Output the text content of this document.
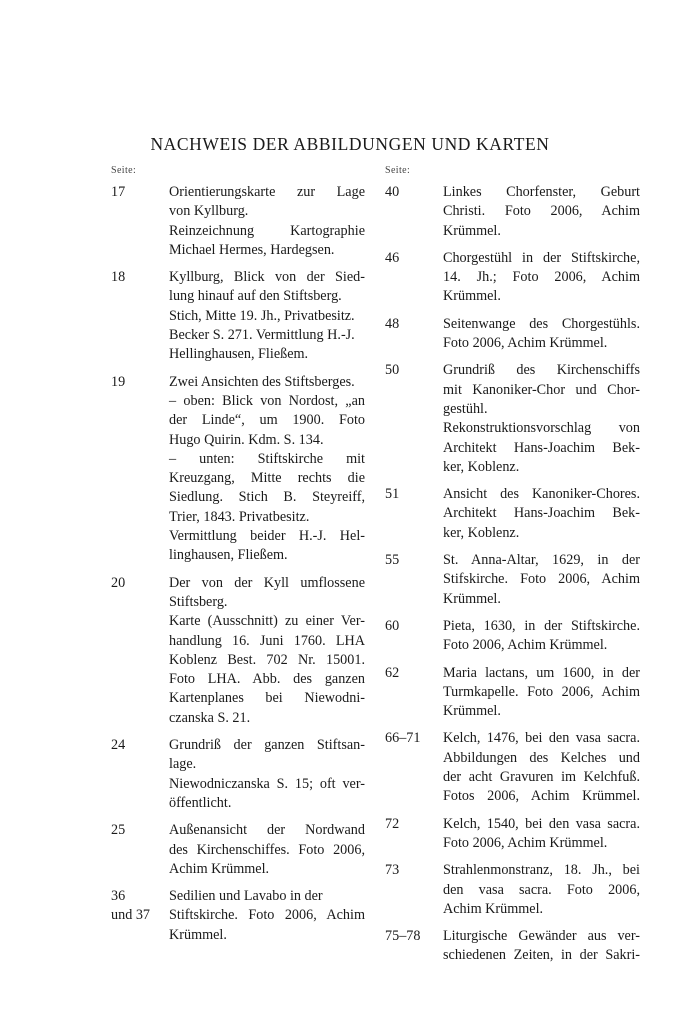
NACHWEIS DER ABBILDUNGEN UND KARTEN
Seite:
17	Orientierungskarte zur Lage
von Kyllburg.
Reinzeichnung Kartographie
Michael Hermes, Hardegsen.
18	Kyllburg, Blick von der Sied-
lung hinauf auf den Stiftsberg.
Stich, Mitte 19. Jh., Privatbesitz.
Becker S. 271. Vermittlung H.-J.
Hellinghausen, Fließem.
19	Zwei Ansichten des Stiftsberges.
– oben: Blick von Nordost, „an
der Linde“, um 1900. Foto
Hugo Quirin. Kdm. S. 134.
– unten: Stiftskirche mit
Kreuzgang, Mitte rechts die
Siedlung. Stich B. Steyreiff,
Trier, 1843. Privatbesitz.
Vermittlung beider H.-J. Hel-
linghausen, Fließem.
20	Der von der Kyll umflossene
Stiftsberg.
Karte (Ausschnitt) zu einer Ver-
handlung 16. Juni 1760. LHA
Koblenz Best. 702 Nr. 15001.
Foto LHA. Abb. des ganzen
Kartenplanes bei Niewodni-
czanska S. 21.
24	Grundriß der ganzen Stiftsan-
lage.
Niewodniczanska S. 15; oft ver-
öffentlicht.
25	Außenansicht der Nordwand
des Kirchenschiffes. Foto 2006,
Achim Krümmel.
36
und 37
Sedilien und Lavabo in der
Stiftskirche. Foto 2006, Achim
Krümmel.
Seite:
40	Linkes Chorfenster, Geburt
Christi. Foto 2006, Achim
Krümmel.
46	Chorgestühl in der Stiftskirche,
14. Jh.; Foto 2006, Achim
Krümmel.
48	Seitenwange des Chorgestühls.
Foto 2006, Achim Krümmel.
50	Grundriß des Kirchenschiffs
mit Kanoniker-Chor und Chor-
gestühl.
Rekonstruktionsvorschlag von
Architekt Hans-Joachim Bek-
ker, Koblenz.
51	Ansicht des Kanoniker-Chores.
Architekt Hans-Joachim Bek-
ker, Koblenz.
55	St. Anna-Altar, 1629, in der
Stifskirche. Foto 2006, Achim
Krümmel.
60	Pieta, 1630, in der Stiftskirche.
Foto 2006, Achim Krümmel.
62	Maria lactans, um 1600, in der
Turmkapelle. Foto 2006, Achim
Krümmel.
66–71	Kelch, 1476, bei den vasa sacra.
Abbildungen des Kelches und
der acht Gravuren im Kelchfuß.
Fotos 2006, Achim Krümmel.
72	Kelch, 1540, bei den vasa sacra.
Foto 2006, Achim Krümmel.
73	Strahlenmonstranz, 18. Jh., bei
den vasa sacra. Foto 2006,
Achim Krümmel.
75–78	Liturgische Gewänder aus ver-
schiedenen Zeiten, in der Sakri-
